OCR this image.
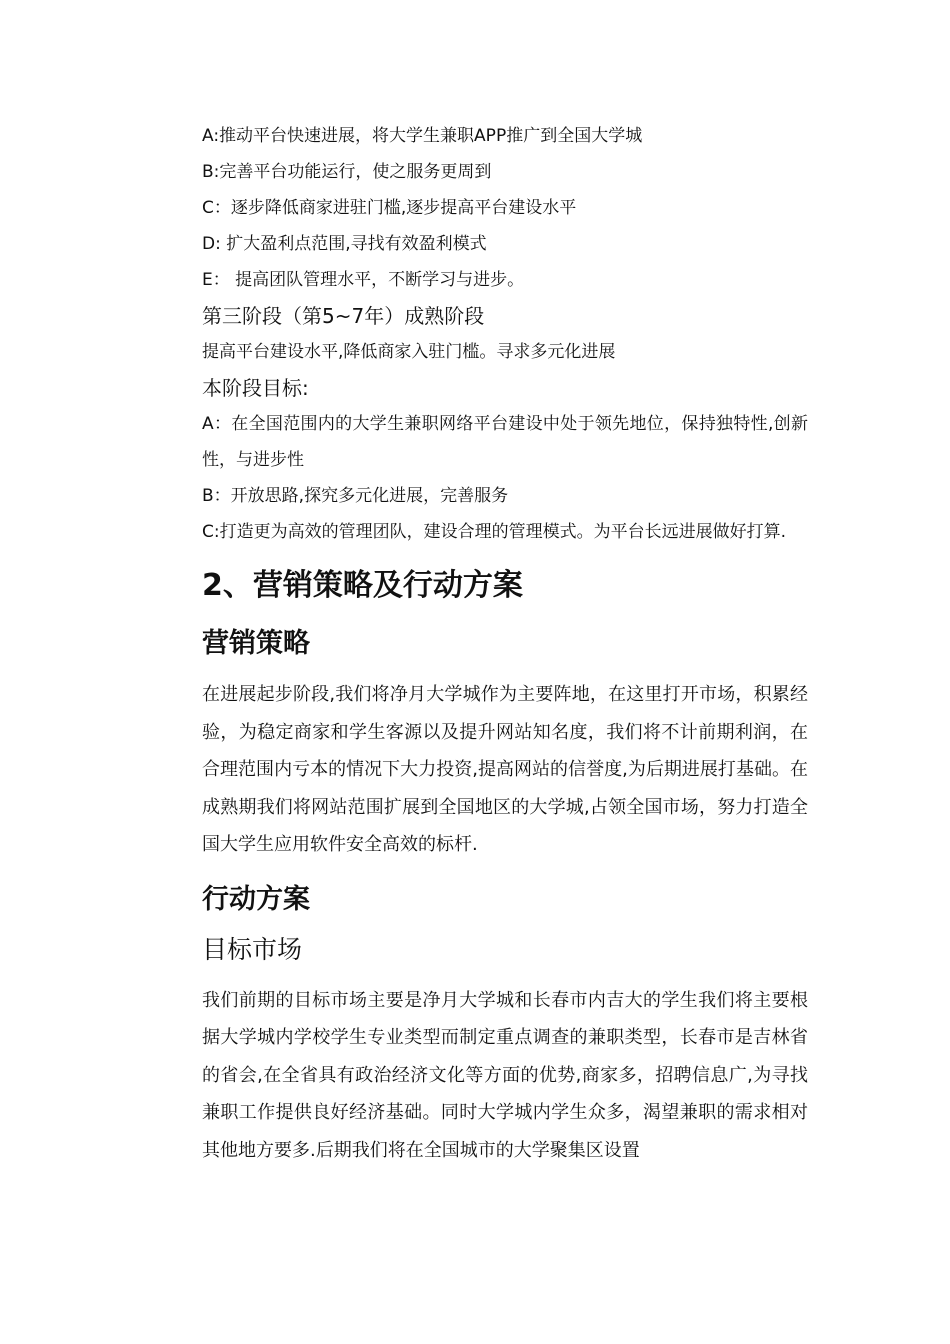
A:推动平台快速进展，将大学生兼职APP推广到全国大学城

B:完善平台功能运行，使之服务更周到

C：逐步降低商家进驻门槛,逐步提高平台建设水平

D: 扩大盈利点范围,寻找有效盈利模式

E： 提高团队管理水平，不断学习与进步。

第三阶段（第5~7年）成熟阶段

提高平台建设水平,降低商家入驻门槛。寻求多元化进展

本阶段目标:

A：在全国范围内的大学生兼职网络平台建设中处于领先地位，保持独特性,创新性，与进步性

B：开放思路,探究多元化进展，完善服务

C:打造更为高效的管理团队，建设合理的管理模式。为平台长远进展做好打算.

2、营销策略及行动方案
营销策略

在进展起步阶段,我们将净月大学城作为主要阵地，在这里打开市场，积累经验，为稳定商家和学生客源以及提升网站知名度，我们将不计前期利润，在合理范围内亏本的情况下大力投资,提高网站的信誉度,为后期进展打基础。在成熟期我们将网站范围扩展到全国地区的大学城,占领全国市场，努力打造全国大学生应用软件安全高效的标杆.

行动方案
目标市场

我们前期的目标市场主要是净月大学城和长春市内吉大的学生我们将主要根据大学城内学校学生专业类型而制定重点调查的兼职类型，长春市是吉林省的省会,在全省具有政治经济文化等方面的优势,商家多，招聘信息广,为寻找兼职工作提供良好经济基础。同时大学城内学生众多，渴望兼职的需求相对其他地方要多.后期我们将在全国城市的大学聚集区设置
